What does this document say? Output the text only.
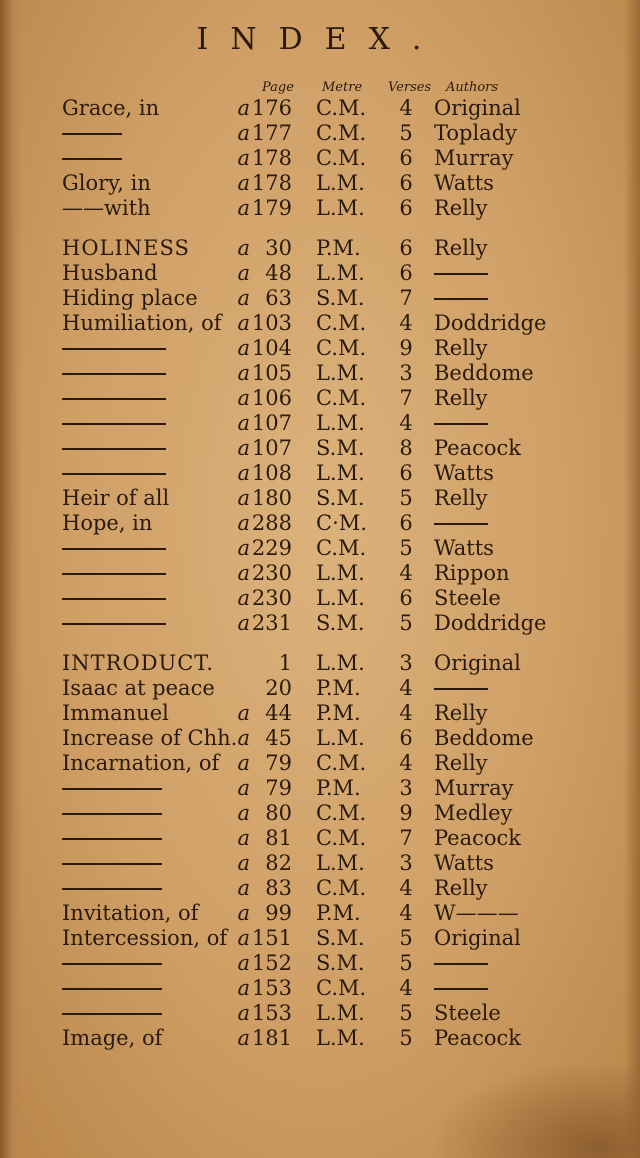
INDEX.
Page Metre Verses Authors
Grace, in	a 176 C.M. 4 Original
a 177 C.M. 5 Toplady
a 178 C.M. 6 Murray
Glory, in	a 178 L.M. 6 Watts
——with	a 179 L.M. 6 Relly
HOLINESS	a 30 P.M. 6 Relly
Husband	a 48 L.M. 6
Hiding place	a 63 S.M. 7
Humiliation, of a 103 C.M. 4 Doddridge
a 104 C.M. 9 Relly
a 105 L.M. 3 Beddome
a 106 C.M. 7 Relly
a 107 L.M. 4
a 107 S.M. 8 Peacock
a 108 L.M. 6 Watts
Heir of all	a 180 S.M. 5 Relly
Hope, in	a 288 C·M. 6
a 229 C.M. 5 Watts
a 230 L.M. 4 Rippon
a 230 L.M. 6 Steele
a 231 S.M. 5 Doddridge
INTRODUCT.	1 L.M. 3 Original
Isaac at peace	20 P.M. 4
Immanuel	a 44 P.M. 4 Relly
Increase of Chh. a 45 L.M. 6 Beddome
Incarnation, of a 79 C.M. 4 Relly
a 79 P.M. 3 Murray
a 80 C.M. 9 Medley
a 81 C.M. 7 Peacock
a 82 L.M. 3 Watts
a 83 C.M. 4 Relly
Invitation, of	a 99 P.M. 4 W———
Intercession, of a 151 S.M. 5 Original
a 152 S.M. 5
a 153 C.M. 4
a 153 L.M. 5 Steele
Image, of	a 181 L.M. 5 Peacock
